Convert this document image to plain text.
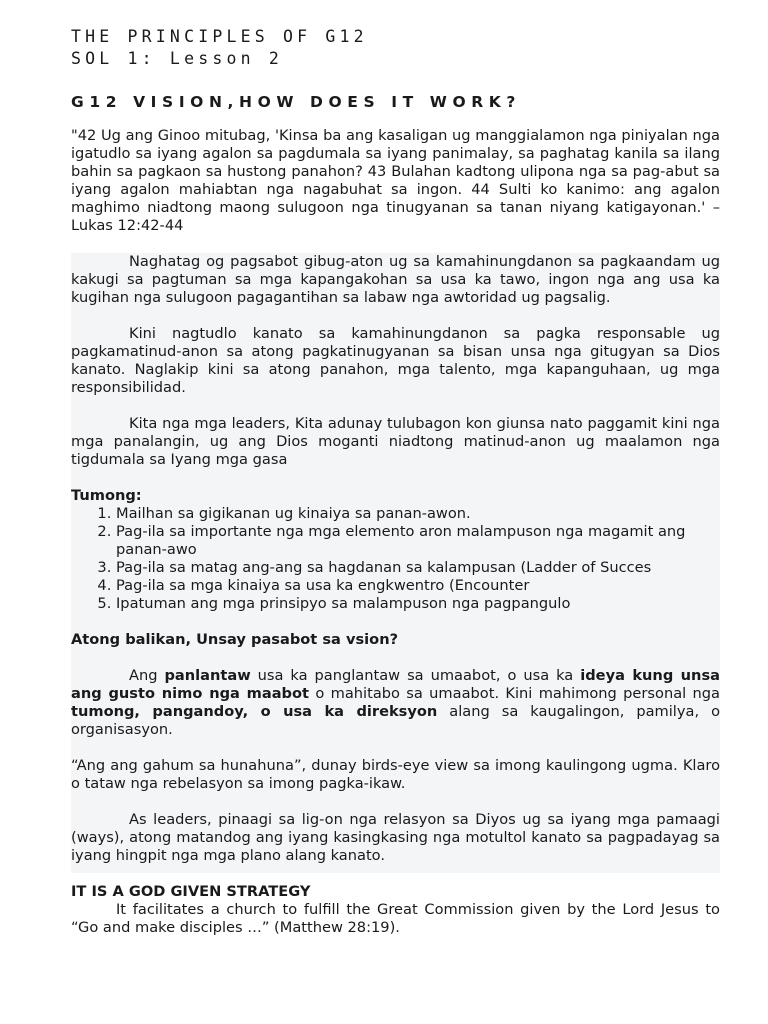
THE PRINCIPLES OF G12
SOL 1: Lesson 2
G12 VISION,HOW DOES IT WORK?

"42 Ug ang Ginoo mitubag, 'Kinsa ba ang kasaligan ug manggialamon nga piniyalan nga igatudlo sa iyang agalon sa pagdumala sa iyang panimalay, sa paghatag kanila sa ilang bahin sa pagkaon sa hustong panahon? 43 Bulahan kadtong ulipona nga sa pag-abut sa iyang agalon mahiabtan nga nagabuhat sa ingon. 44 Sulti ko kanimo: ang agalon maghimo niadtong maong sulugoon nga tinugyanan sa tanan niyang katigayonan.' – Lukas 12:42-44

Naghatag og pagsabot gibug-aton ug sa kamahinungdanon sa pagkaandam ug kakugi sa pagtuman sa mga kapangakohan sa usa ka tawo, ingon nga ang usa ka kugihan nga sulugoon pagagantihan sa labaw nga awtoridad ug pagsalig.

Kini nagtudlo kanato sa kamahinungdanon sa pagka responsable ug pagkamatinud-anon sa atong pagkatinugyanan sa bisan unsa nga gitugyan sa Dios kanato. Naglakip kini sa atong panahon, mga talento, mga kapanguhaan, ug mga responsibilidad.

Kita nga mga leaders, Kita adunay tulubagon kon giunsa nato paggamit kini nga mga panalangin, ug ang Dios moganti niadtong matinud-anon ug maalamon nga tigdumala sa Iyang mga gasa

Tumong:
1. Mailhan sa gigikanan ug kinaiya sa panan-awon.
2. Pag-ila sa importante nga mga elemento aron malampuson nga magamit ang panan-awo
3. Pag-ila sa matag ang-ang sa hagdanan sa kalampusan (Ladder of Succes
4. Pag-ila sa mga kinaiya sa usa ka engkwentro (Encounter
5. Ipatuman ang mga prinsipyo sa malampuson nga pagpangulo
Atong balikan, Unsay pasabot sa vsion?

Ang panlantaw usa ka panglantaw sa umaabot, o usa ka ideya kung unsa ang gusto nimo nga maabot o mahitabo sa umaabot. Kini mahimong personal nga tumong, pangandoy, o usa ka direksyon alang sa kaugalingon, pamilya, o organisasyon.

“Ang ang gahum sa hunahuna”, dunay birds-eye view sa imong kaulingong ugma. Klaro o tataw nga rebelasyon sa imong pagka-ikaw.

As leaders, pinaagi sa lig-on nga relasyon sa Diyos ug sa iyang mga pamaagi (ways), atong matandog ang iyang kasingkasing nga motultol kanato sa pagpadayag sa iyang hingpit nga mga plano alang kanato.

IT IS A GOD GIVEN STRATEGY

It facilitates a church to fulfill the Great Commission given by the Lord Jesus to “Go and make disciples …” (Matthew 28:19).
